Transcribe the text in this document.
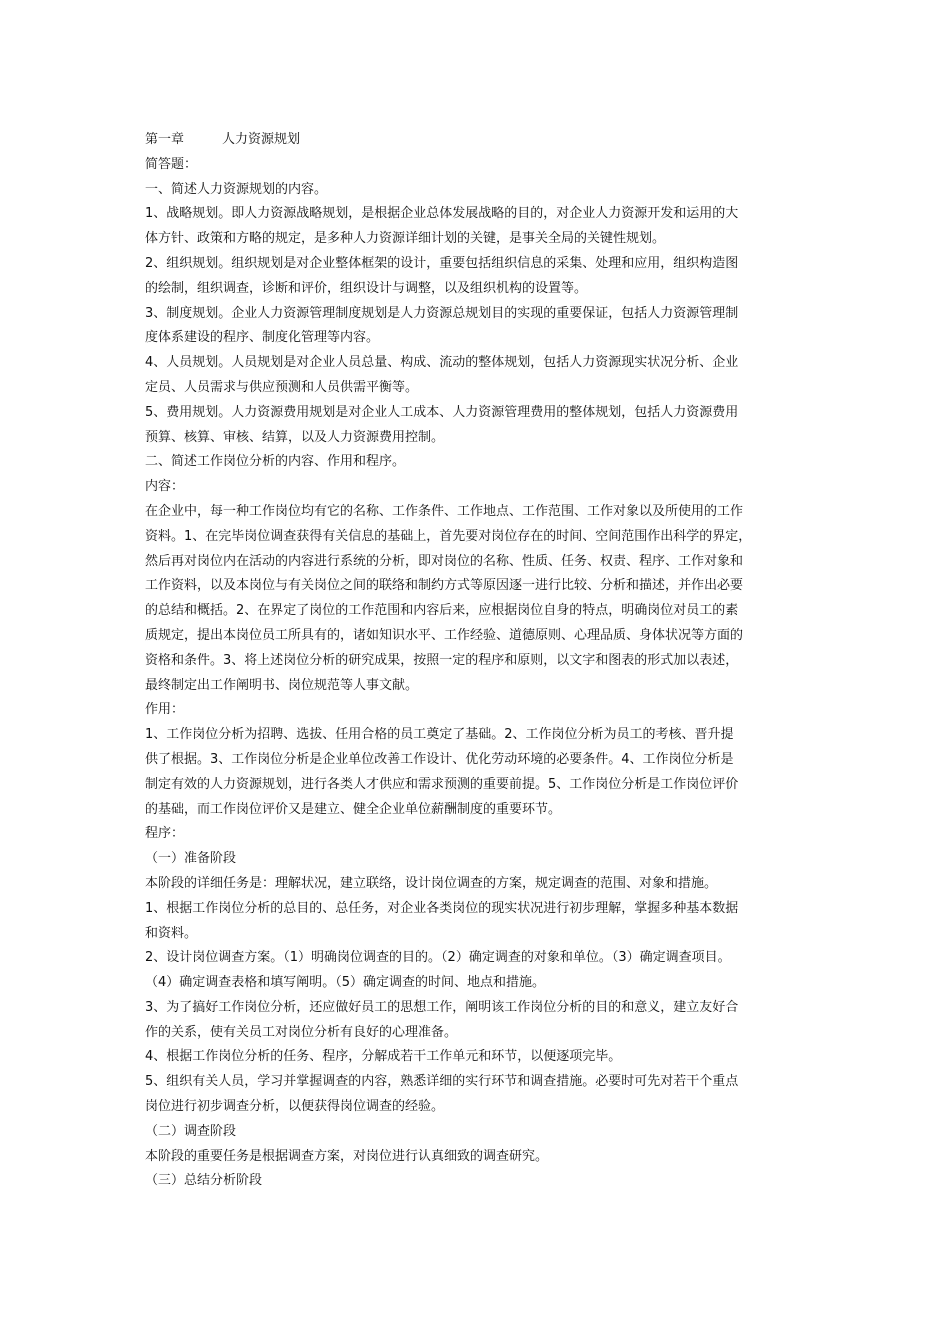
第一章	人力资源规划
简答题：
一、简述人力资源规划的内容。
1、战略规划。即人力资源战略规划，是根据企业总体发展战略的目的，对企业人力资源开发和运用的大
体方针、政策和方略的规定，是多种人力资源详细计划的关键，是事关全局的关键性规划。
2、组织规划。组织规划是对企业整体框架的设计，重要包括组织信息的采集、处理和应用，组织构造图
的绘制，组织调查，诊断和评价，组织设计与调整，以及组织机构的设置等。
3、制度规划。企业人力资源管理制度规划是人力资源总规划目的实现的重要保证，包括人力资源管理制
度体系建设的程序、制度化管理等内容。
4、人员规划。人员规划是对企业人员总量、构成、流动的整体规划，包括人力资源现实状况分析、企业
定员、人员需求与供应预测和人员供需平衡等。
5、费用规划。人力资源费用规划是对企业人工成本、人力资源管理费用的整体规划，包括人力资源费用
预算、核算、审核、结算，以及人力资源费用控制。
二、简述工作岗位分析的内容、作用和程序。
内容：
在企业中，每一种工作岗位均有它的名称、工作条件、工作地点、工作范围、工作对象以及所使用的工作
资料。1、在完毕岗位调查获得有关信息的基础上，首先要对岗位存在的时间、空间范围作出科学的界定，
然后再对岗位内在活动的内容进行系统的分析，即对岗位的名称、性质、任务、权责、程序、工作对象和
工作资料，以及本岗位与有关岗位之间的联络和制约方式等原因逐一进行比较、分析和描述，并作出必要
的总结和概括。2、在界定了岗位的工作范围和内容后来，应根据岗位自身的特点，明确岗位对员工的素
质规定，提出本岗位员工所具有的，诸如知识水平、工作经验、道德原则、心理品质、身体状况等方面的
资格和条件。3、将上述岗位分析的研究成果，按照一定的程序和原则，以文字和图表的形式加以表述，
最终制定出工作阐明书、岗位规范等人事文献。
作用：
1、工作岗位分析为招聘、选拔、任用合格的员工奠定了基础。2、工作岗位分析为员工的考核、晋升提
供了根据。3、工作岗位分析是企业单位改善工作设计、优化劳动环境的必要条件。4、工作岗位分析是
制定有效的人力资源规划，进行各类人才供应和需求预测的重要前提。5、工作岗位分析是工作岗位评价
的基础，而工作岗位评价又是建立、健全企业单位薪酬制度的重要环节。
程序：
（一）准备阶段
本阶段的详细任务是：理解状况，建立联络，设计岗位调查的方案，规定调查的范围、对象和措施。
1、根据工作岗位分析的总目的、总任务，对企业各类岗位的现实状况进行初步理解，掌握多种基本数据
和资料。
2、设计岗位调查方案。（1）明确岗位调查的目的。（2）确定调查的对象和单位。（3）确定调查项目。
（4）确定调查表格和填写阐明。（5）确定调查的时间、地点和措施。
3、为了搞好工作岗位分析，还应做好员工的思想工作，阐明该工作岗位分析的目的和意义，建立友好合
作的关系，使有关员工对岗位分析有良好的心理准备。
4、根据工作岗位分析的任务、程序，分解成若干工作单元和环节，以便逐项完毕。
5、组织有关人员，学习并掌握调查的内容，熟悉详细的实行环节和调查措施。必要时可先对若干个重点
岗位进行初步调查分析，以便获得岗位调查的经验。
（二）调查阶段
本阶段的重要任务是根据调查方案，对岗位进行认真细致的调查研究。
（三）总结分析阶段
